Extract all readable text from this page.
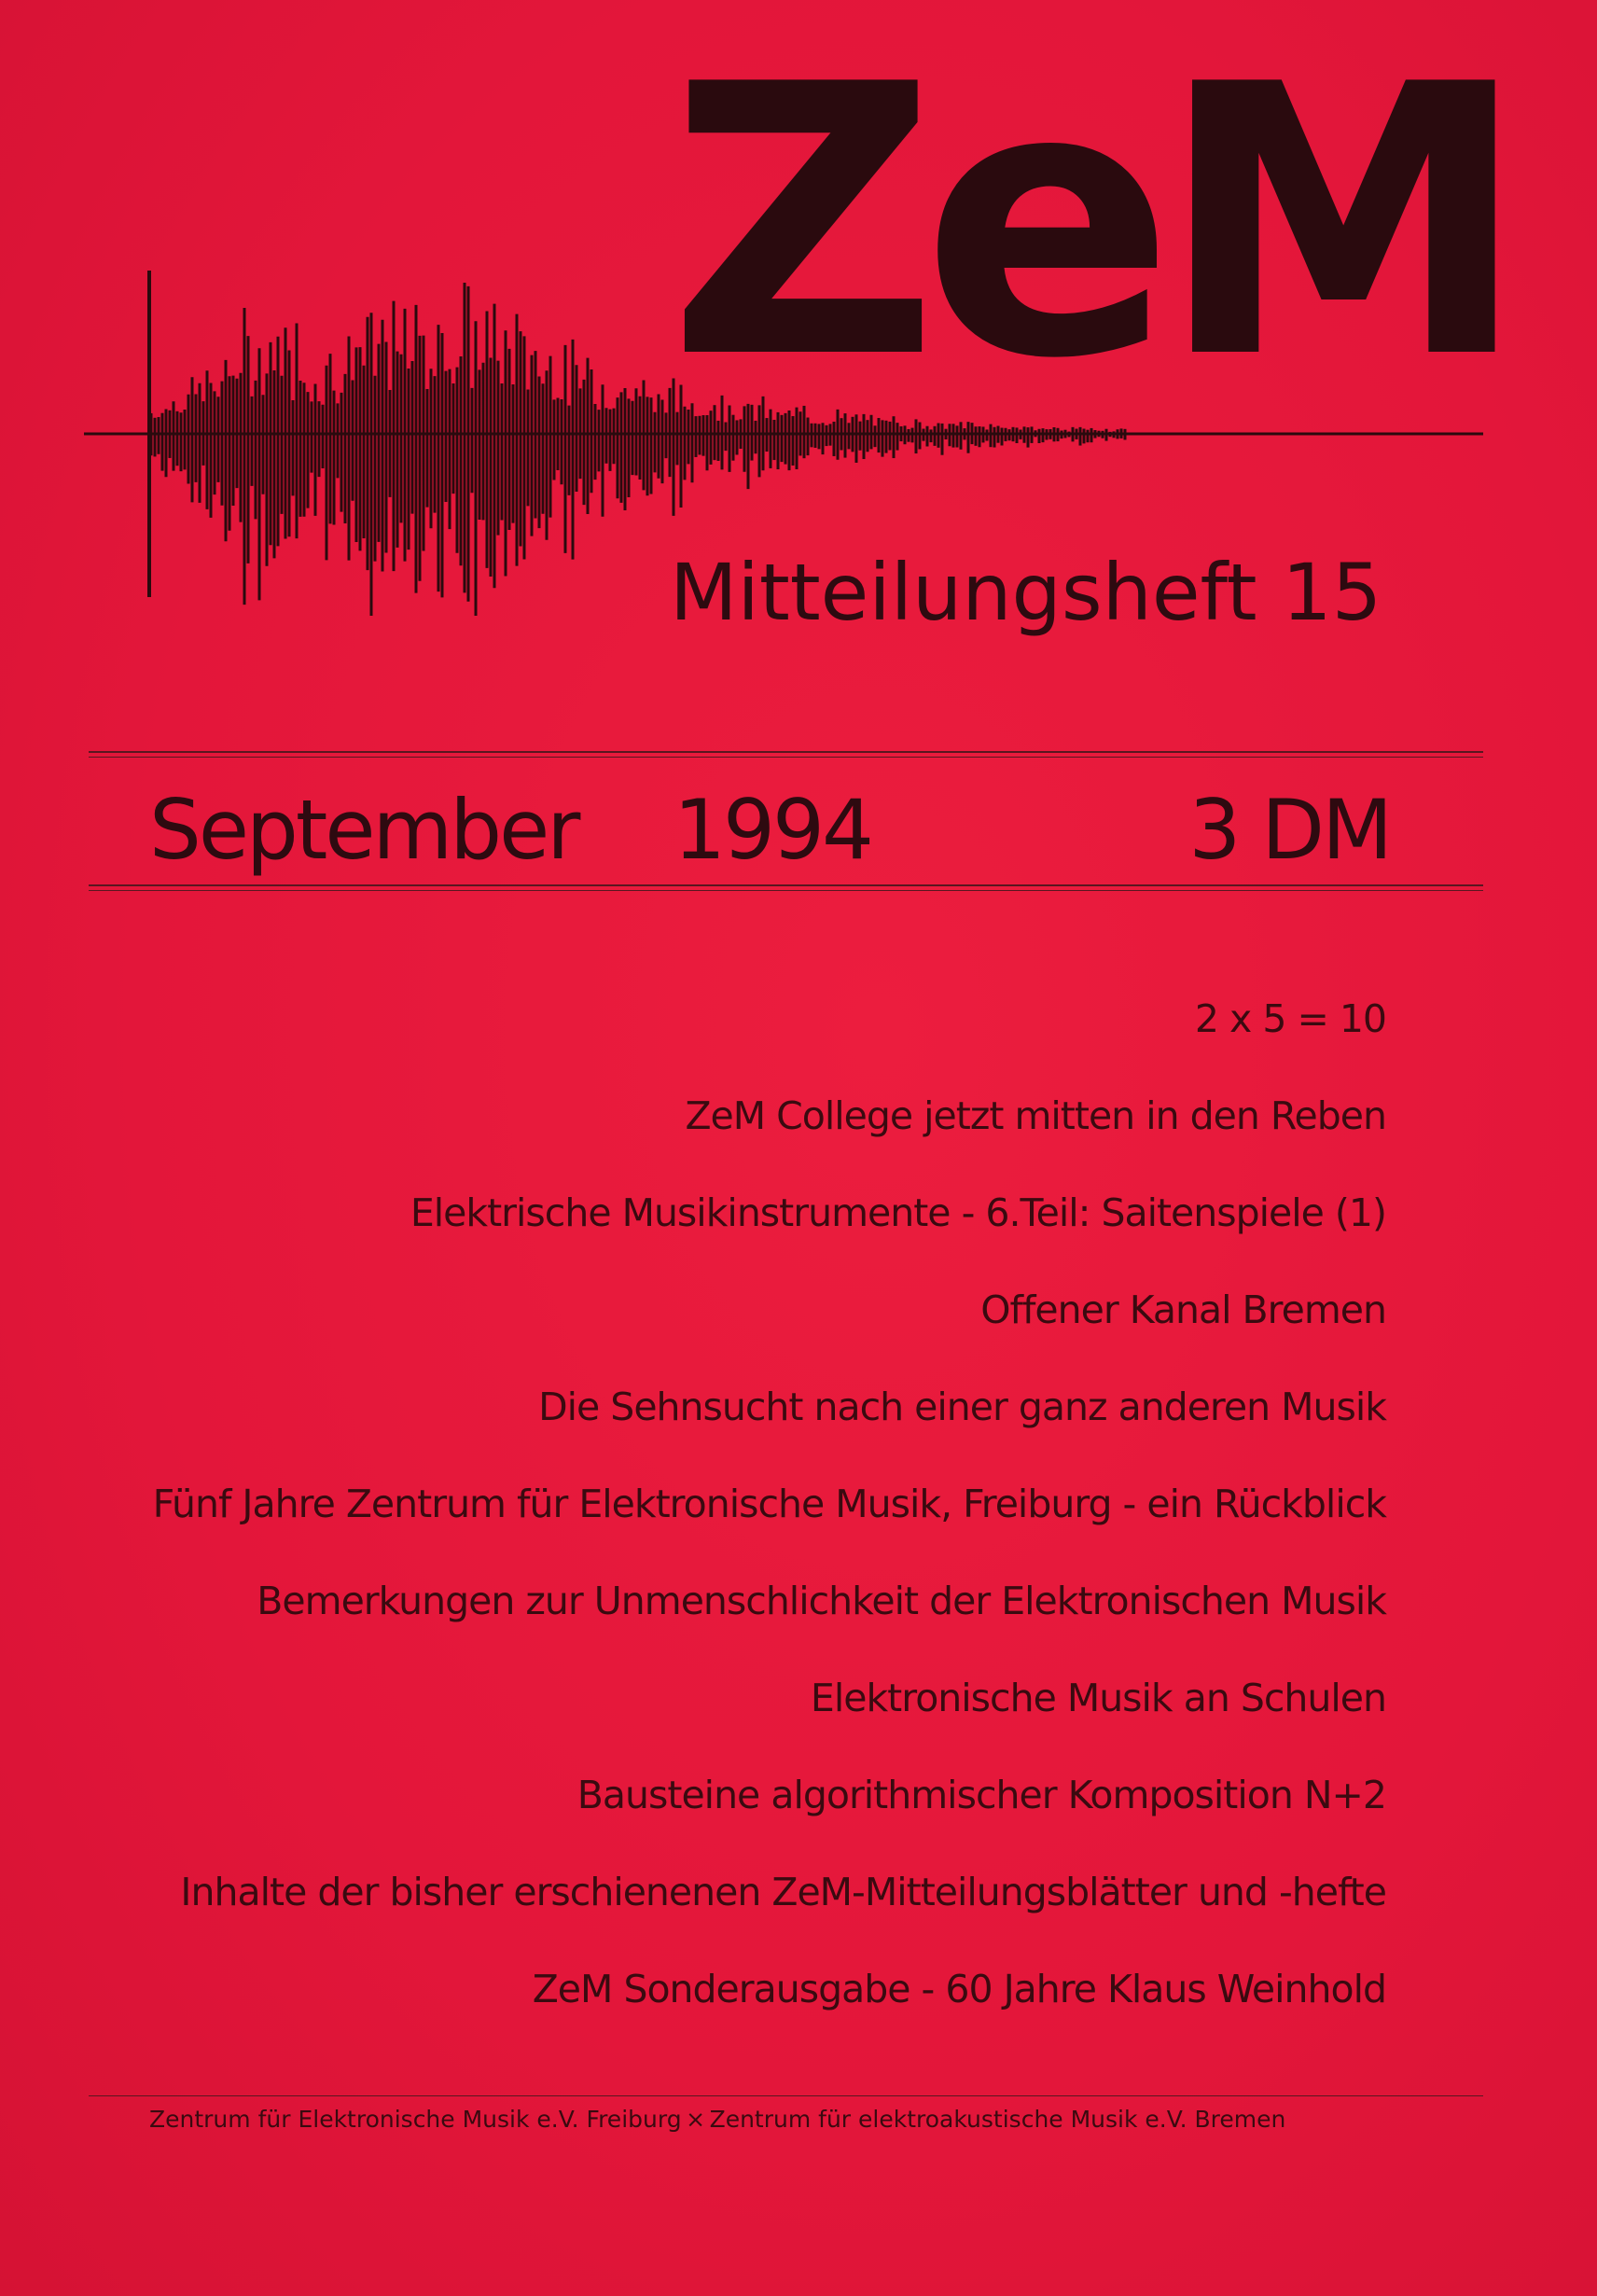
ZeM
Mitteilungsheft 15
September 1994	3 DM
2 x 5 = 10
ZeM College jetzt mitten in den Reben
Elektrische Musikinstrumente - 6.Teil: Saitenspiele (1)
Offener Kanal Bremen
Die Sehnsucht nach einer ganz anderen Musik
Fünf Jahre Zentrum für Elektronische Musik, Freiburg - ein Rückblick
Bemerkungen zur Unmenschlichkeit der Elektronischen Musik
Elektronische Musik an Schulen
Bausteine algorithmischer Komposition N+2
Inhalte der bisher erschienenen ZeM-Mitteilungsblätter und -hefte
ZeM Sonderausgabe - 60 Jahre Klaus Weinhold
Zentrum für Elektronische Musik e.V. Freiburg × Zentrum für elektroakustische Musik e.V. Bremen
